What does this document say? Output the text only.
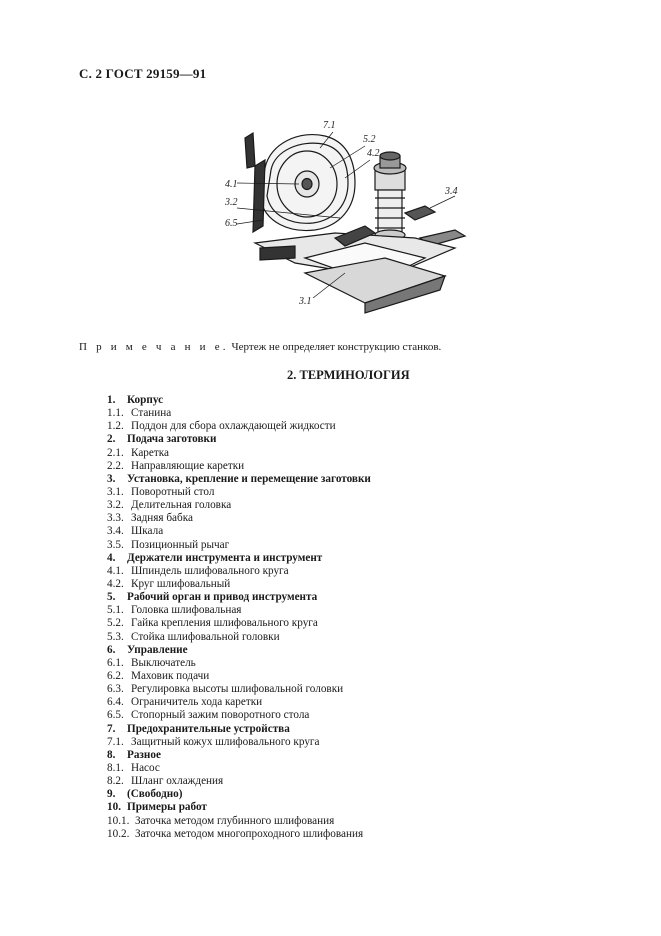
С. 2 ГОСТ 29159—91
7.1
5.2
4.2
4.1
3.4
3.2
6.5
3.1
П р и м е ч а н и е. Чертеж не определяет конструкцию станков.
2. ТЕРМИНОЛОГИЯ
1. Корпус
1.1. Станина
1.2. Поддон для сбора охлаждающей жидкости
2. Подача заготовки
2.1. Каретка
2.2. Направляющие каретки
3. Установка, крепление и перемещение заготовки
3.1. Поворотный стол
3.2. Делительная головка
3.3. Задняя бабка
3.4. Шкала
3.5. Позиционный рычаг
4. Держатели инструмента и инструмент
4.1. Шпиндель шлифовального круга
4.2. Круг шлифовальный
5. Рабочий орган и привод инструмента
5.1. Головка шлифовальная
5.2. Гайка крепления шлифовального круга
5.3. Стойка шлифовальной головки
6. Управление
6.1. Выключатель
6.2. Маховик подачи
6.3. Регулировка высоты шлифовальной головки
6.4. Ограничитель хода каретки
6.5. Стопорный зажим поворотного стола
7. Предохранительные устройства
7.1. Защитный кожух шлифовального круга
8. Разное
8.1. Насос
8.2. Шланг охлаждения
9. (Свободно)
10. Примеры работ
10.1. Заточка методом глубинного шлифования
10.2. Заточка методом многопроходного шлифования
